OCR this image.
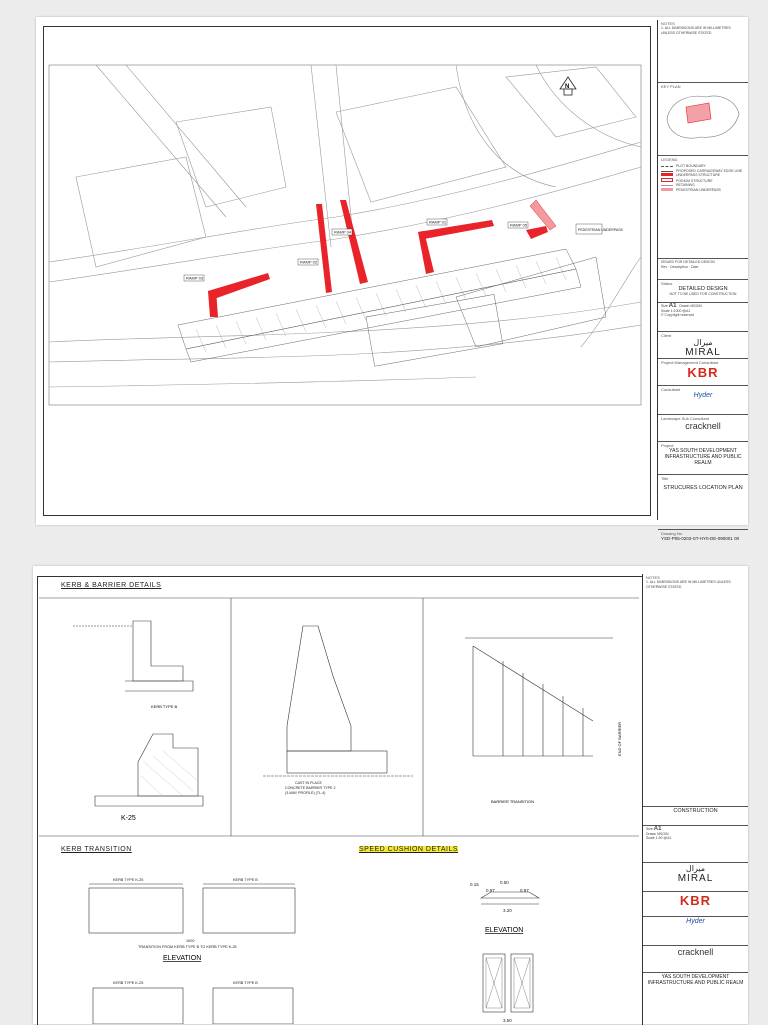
RAMP 03
RAMP 02
RAMP 04
RAMP 01
RAMP 05
PEDESTRIAN UNDERPASS
N
NOTES
1. ALL DIMENSIONS ARE IN MILLIMETRES UNLESS OTHERWISE STATED
KEY PLAN
LEGEND
PLOT BOUNDARY
PROPOSED CARRIAGEWAY EDGE LINE
UNDERPASS STRUCTURE
PODIUM STRUCTURE
RETAINING
PEDESTRIAN UNDERPASS
ISSUED FOR DETAILED DESIGN
Rev · Description · Date
Status
DETAILED DESIGN
NOT TO BE USED FOR CONSTRUCTION
Size A1   Drawn MSGIN
Scale 1:1000 @A1
© Copyright reserved
Client
ميرال
MIRAL
Project Management Consultant
KBR
Consultant
Hyder
Landscape Sub Consultant
cracknell
Project
YAS SOUTH DEVELOPMENT INFRASTRUCTURE AND PUBLIC REALM
Title
STRUCURES LOCATION PLAN
Drawing No.
YSD-P05-0203-ST-HY0-DE-090001 00
KERB & BARRIER DETAILS
KERB TYPE B
K-25
CAST IN PLACE
CONCRETE BARRIER TYPE 2
(3-WAY PROFILE) (TL-4)
BARRIER TRANSITION
END OF BARRIER
KERB TYPE K-25	KERB TYPE B
1000
TRANSITION FROM KERB TYPE B TO KERB TYPE K-25
KERB TYPE K-25	KERB TYPE B
ELEVATION
0.50
0.97	0.97
3.20
0.15
3.50
ELEVATION
KERB TRANSITION	SPEED CUSHION DETAILS
NOTES
1. ALL DIMENSIONS ARE IN MILLIMETRES UNLESS OTHERWISE STATED
CONSTRUCTION
Size A1
Drawn MSGIN
Scale 1:50 @A1
ميرال
MIRAL
KBR
Hyder
cracknell
YAS SOUTH DEVELOPMENT INFRASTRUCTURE AND PUBLIC REALM
